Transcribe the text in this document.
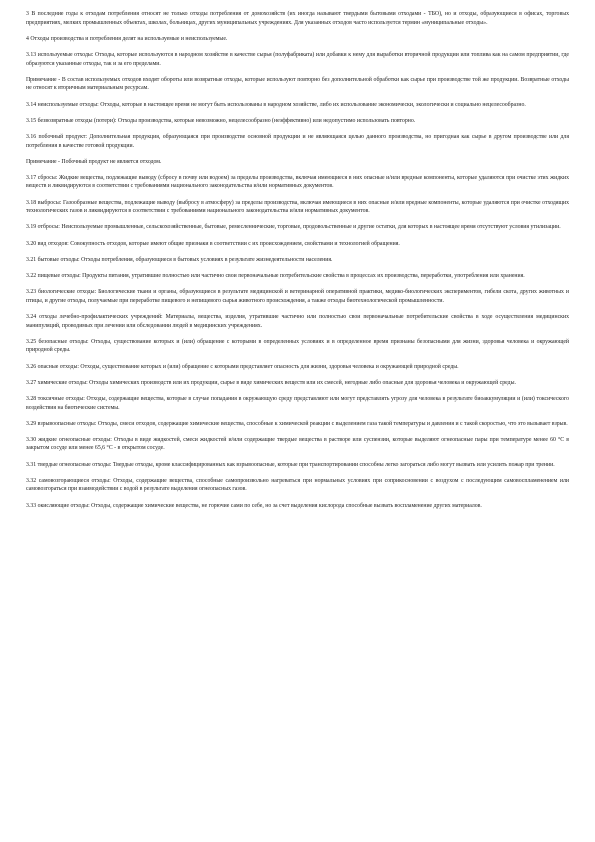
3 В последние годы к отходам потребления относят не только отходы потребления от домохозяйств (их иногда называют твердыми бытовыми отходами - ТБО), но и отходы, образующиеся в офисах, торговых предприятиях, мелких промышленных объектах, школах, больницах, других муниципальных учреждениях. Для указанных отходов часто используется термин «муниципальные отходы».

4 Отходы производства и потребления делят на используемые и неиспользуемые.

3.13 используемые отходы: Отходы, которые используются в народном хозяйстве в качестве сырья (полуфабриката) или добавки к нему для выработки вторичной продукции или топлива как на самом предприятии, где образуются указанные отходы, так и за его пределами.

Примечание - В состав используемых отходов входят обороты или возвратные отходы, которые используют повторно без дополнительной обработки как сырье при производстве той же продукции. Возвратные отходы не относят к вторичным материальным ресурсам.

3.14 неиспользуемые отходы: Отходы, которые в настоящее время не могут быть использованы в народном хозяйстве, либо их использование экономически, экологически и социально нецелесообразно.

3.15 безвозвратные отходы (потери): Отходы производства, которые невозможно, нецелесообразно (неэффективно) или недопустимо использовать повторно.

3.16 побочный продукт: Дополнительная продукция, образующаяся при производстве основной продукции и не являющаяся целью данного производства, но пригодная как сырье в другом производстве или для потребления в качестве готовой продукции.

Примечание - Побочный продукт не является отходом.

3.17 сбросы: Жидкие вещества, подлежащие выводу (сбросу в почву или водоем) за пределы производства, включая имеющиеся в них опасные и/или вредные компоненты, которые удаляются при очистке этих жидких веществ и ликвидируются в соответствии с требованиями национального законодательства и/или нормативных документов.

3.18 выбросы: Газообразные вещества, подлежащие выводу (выбросу в атмосферу) за пределы производства, включая имеющиеся в них опасные и/или вредные компоненты, которые удаляются при очистке отходящих технологических газов и ликвидируются в соответствии с требованиями национального законодательства и/или нормативных документов.

3.19 отбросы: Неиспользуемые промышленные, сельскохозяйственные, бытовые, ремесленнические, торговые, продовольственные и другие остатки, для которых в настоящее время отсутствуют условия утилизации.

3.20 вид отходов: Совокупность отходов, которые имеют общие признаки в соответствии с их происхождением, свойствами и технологией обращения.

3.21 бытовые отходы: Отходы потребления, образующиеся в бытовых условиях в результате жизнедеятельности населения.

3.22 пищевые отходы: Продукты питания, утратившие полностью или частично свои первоначальные потребительские свойства в процессах их производства, переработки, употребления или хранения.

3.23 биологические отходы: Биологические ткани и органы, образующиеся в результате медицинской и ветеринарной оперативной практики, медико-биологических экспериментов, гибели скота, других животных и птицы, и другие отходы, получаемые при переработке пищевого и непищевого сырья животного происхождения, а также отходы биотехнологической промышленности.

3.24 отходы лечебно-профилактических учреждений: Материалы, вещества, изделия, утратившие частично или полностью свои первоначальные потребительские свойства в ходе осуществления медицинских манипуляций, проводимых при лечении или обследовании людей в медицинских учреждениях.

3.25 безопасные отходы: Отходы, существование которых и (или) обращение с которыми в определенных условиях и в определенное время признаны безопасными для жизни, здоровья человека и окружающей природной среды.

3.26 опасные отходы: Отходы, существование которых и (или) обращение с которыми представляет опасность для жизни, здоровья человека и окружающей природной среды.

3.27 химические отходы: Отходы химических производств или их продукции, сырье в виде химических веществ или их смесей, негодные либо опасные для здоровья человека и окружающей среды.

3.28 токсичные отходы: Отходы, содержащие вещества, которые в случае попадания в окружающую среду представляют или могут представлять угрозу для человека в результате биоаккумуляции и (или) токсического воздействия на биотические системы.

3.29 взрывоопасные отходы: Отходы, смеси отходов, содержащие химические вещества, способные к химической реакции с выделением газа такой температуры и давления и с такой скоростью, что это вызывает взрыв.

3.30 жидкие огнеопасные отходы: Отходы в виде жидкостей, смеси жидкостей и/или содержащие твердые вещества в растворе или суспензии, которые выделяют огнеопасные пары при температуре менее 60 °С в закрытом сосуде или менее 65,6 °С - в открытом сосуде.

3.31 твердые огнеопасные отходы: Твердые отходы, кроме классифицированных как взрывоопасные, которые при транспортировании способны легко загораться либо могут вызвать или усилить пожар при трении.

3.32 самовозгорающиеся отходы: Отходы, содержащие вещества, способные самопроизвольно нагреваться при нормальных условиях при соприкосновении с воздухом с последующим самовоспламенением или самовозгораться при взаимодействии с водой в результате выделения огнеопасных газов.

3.33 окисляющие отходы: Отходы, содержащие химические вещества, не горючие сами по себе, но за счет выделения кислорода способные вызвать воспламенение других материалов.
